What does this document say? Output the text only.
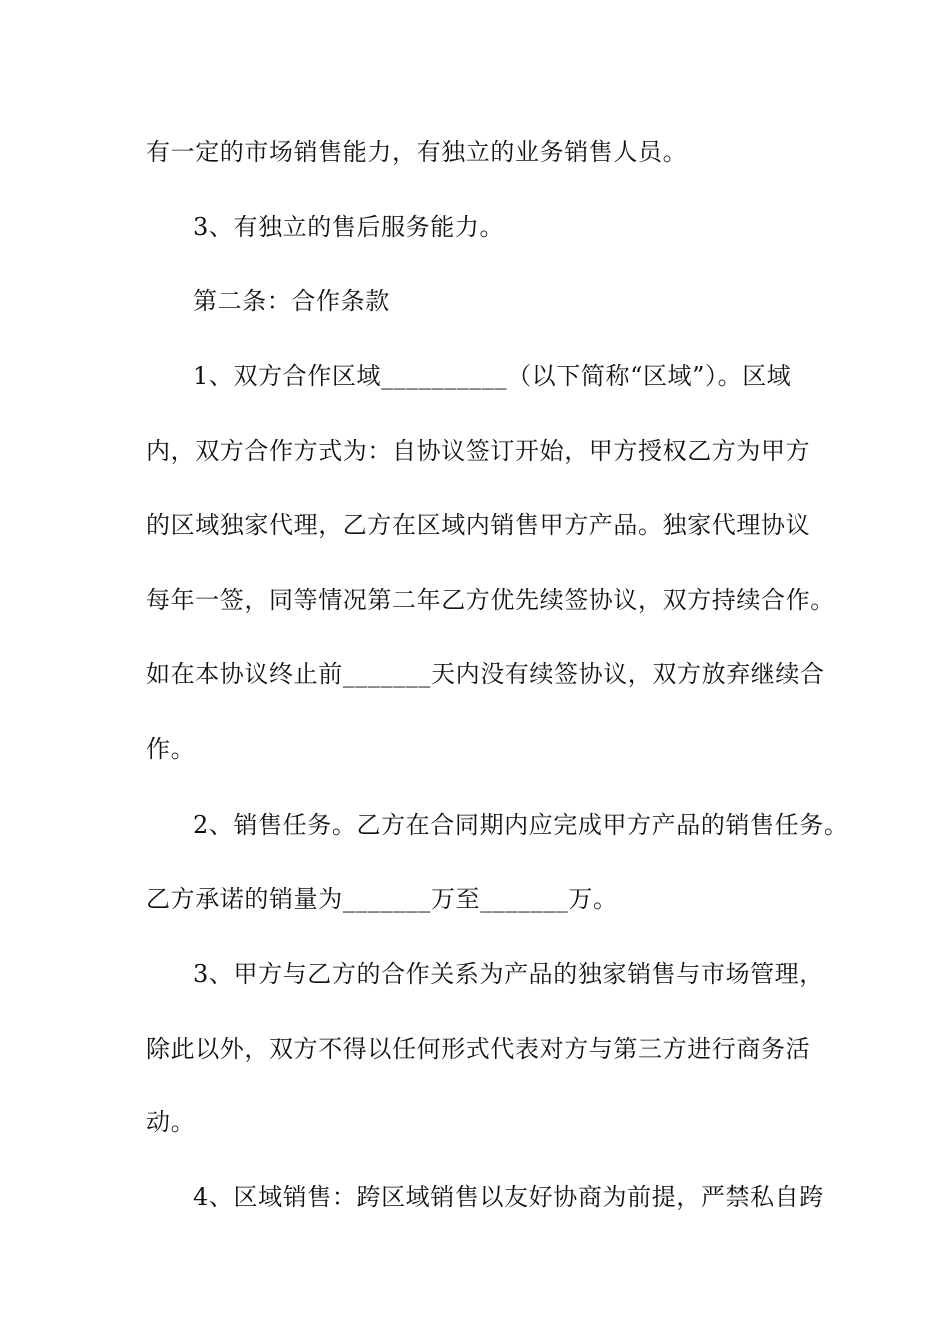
有一定的市场销售能力，有独立的业务销售人员。
3、有独立的售后服务能力。
第二条：合作条款
1、双方合作区域__________（以下简称“区域”）。区域
内，双方合作方式为：自协议签订开始，甲方授权乙方为甲方
的区域独家代理，乙方在区域内销售甲方产品。独家代理协议
每年一签，同等情况第二年乙方优先续签协议，双方持续合作。
如在本协议终止前_______天内没有续签协议，双方放弃继续合
作。
2、销售任务。乙方在合同期内应完成甲方产品的销售任务。
乙方承诺的销量为_______万至_______万。
3、甲方与乙方的合作关系为产品的独家销售与市场管理，
除此以外，双方不得以任何形式代表对方与第三方进行商务活
动。
4、区域销售：跨区域销售以友好协商为前提，严禁私自跨
